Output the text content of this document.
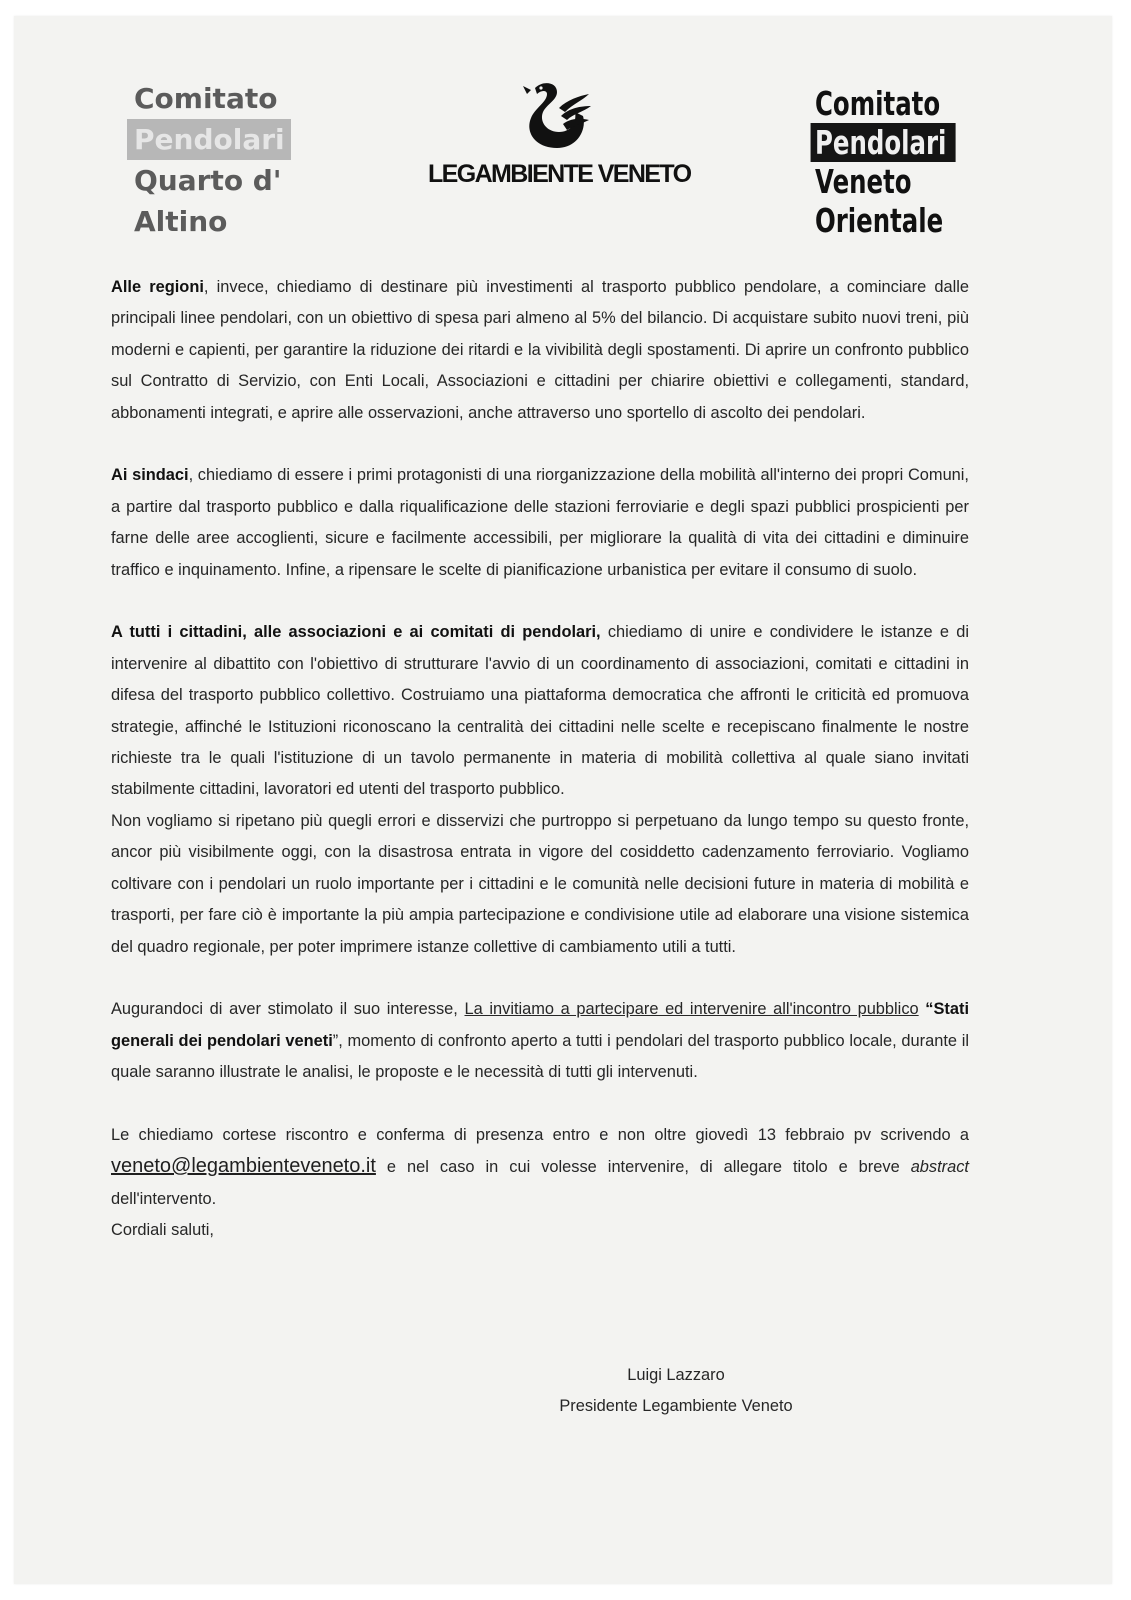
Comitato
Pendolari
Quarto d'
Altino
LEGAMBIENTE VENETO
Comitato
Pendolari
Veneto
Orientale

Alle regioni, invece, chiediamo di destinare più investimenti al trasporto pubblico pendolare, a cominciare dalle principali linee pendolari, con un obiettivo di spesa pari almeno al 5% del bilancio. Di acquistare subito nuovi treni, più moderni e capienti, per garantire la riduzione dei ritardi e la vivibilità degli spostamenti. Di aprire un confronto pubblico sul Contratto di Servizio, con Enti Locali, Associazioni e cittadini per chiarire obiettivi e collegamenti, standard, abbonamenti integrati, e aprire alle osservazioni, anche attraverso uno sportello di ascolto dei pendolari.

Ai sindaci, chiediamo di essere i primi protagonisti di una riorganizzazione della mobilità all'interno dei propri Comuni, a partire dal trasporto pubblico e dalla riqualificazione delle stazioni ferroviarie e degli spazi pubblici prospicienti per farne delle aree accoglienti, sicure e facilmente accessibili, per migliorare la qualità di vita dei cittadini e diminuire traffico e inquinamento. Infine, a ripensare le scelte di pianificazione urbanistica per evitare il consumo di suolo.

A tutti i cittadini, alle associazioni e ai comitati di pendolari, chiediamo di unire e condividere le istanze e di intervenire al dibattito con l'obiettivo di strutturare l'avvio di un coordinamento di associazioni, comitati e cittadini in difesa del trasporto pubblico collettivo. Costruiamo una piattaforma democratica che affronti le criticità ed promuova strategie, affinché le Istituzioni riconoscano la centralità dei cittadini nelle scelte e recepiscano finalmente le nostre richieste tra le quali l'istituzione di un tavolo permanente in materia di mobilità collettiva al quale siano invitati stabilmente cittadini, lavoratori ed utenti del trasporto pubblico.

Non vogliamo si ripetano più quegli errori e disservizi che purtroppo si perpetuano da lungo tempo su questo fronte, ancor più visibilmente oggi, con la disastrosa entrata in vigore del cosiddetto cadenzamento ferroviario. Vogliamo coltivare con i pendolari un ruolo importante per i cittadini e le comunità nelle decisioni future in materia di mobilità e trasporti, per fare ciò è importante la più ampia partecipazione e condivisione utile ad elaborare una visione sistemica del quadro regionale, per poter imprimere istanze collettive di cambiamento utili a tutti.

Augurandoci di aver stimolato il suo interesse, La invitiamo a partecipare ed intervenire all'incontro pubblico “Stati generali dei pendolari veneti”, momento di confronto aperto a tutti i pendolari del trasporto pubblico locale, durante il quale saranno illustrate le analisi, le proposte e le necessità di tutti gli intervenuti.

Le chiediamo cortese riscontro e conferma di presenza entro e non oltre giovedì 13 febbraio pv scrivendo a veneto@legambienteveneto.it e nel caso in cui volesse intervenire, di allegare titolo e breve abstract dell'intervento.

Cordiali saluti,

Luigi Lazzaro
Presidente Legambiente Veneto
